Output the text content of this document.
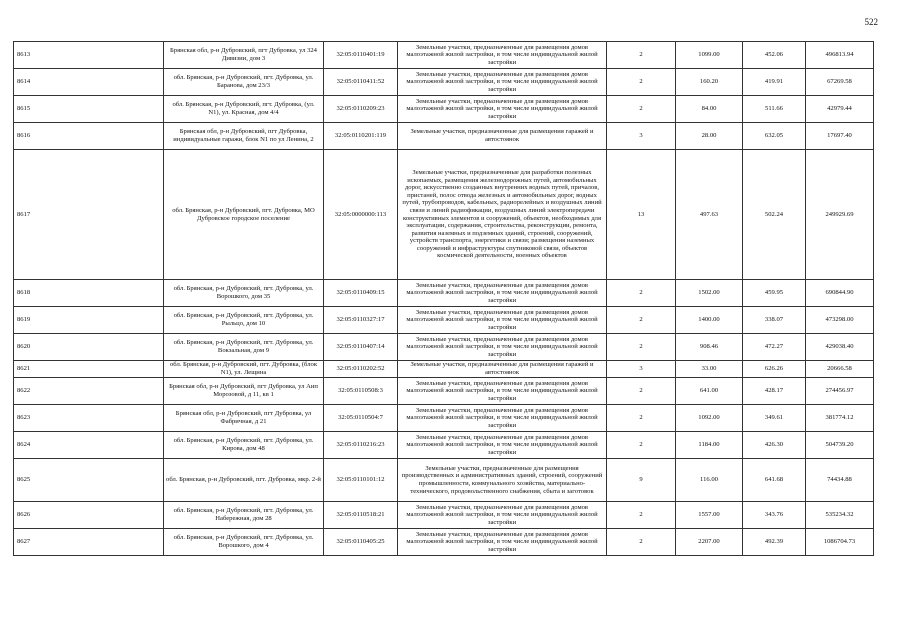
522
8613	Брянская обл, р-н Дубровский, пгт Дубровка, ул 324 Дивизии, дом 3	32:05:0110401:19	Земельные участки, предназначенные для размещения домов малоэтажной жилой застройки, в том числе индивидуальной жилой застройки	2	1099.00	452.06	496813.94
8614	обл. Брянская, р-н Дубровский, пгт. Дубровка, ул. Баранова, дом 23/3	32:05:0110411:52	Земельные участки, предназначенные для размещения домов малоэтажной жилой застройки, в том числе индивидуальной жилой застройки	2	160.20	419.91	67269.58
8615	обл. Брянская, р-н Дубровский, пгт. Дубровка, (ул. N1), ул. Красная, дом 4/4	32:05:0110209:23	Земельные участки, предназначенные для размещения домов малоэтажной жилой застройки, в том числе индивидуальной жилой застройки	2	84.00	511.66	42979.44
8616	Брянская обл, р-н Дубровский, пгт Дубровка, индивидуальные гаражи, блок N1 по ул Ленина, 2	32:05:0110201:119	Земельные участки, предназначенные для размещения гаражей и автостоянок	3	28.00	632.05	17697.40
8617	обл. Брянская, р-н Дубровский, пгт. Дубровка, МО Дубровское городское поселение	32:05:0000000:113	Земельные участки, предназначенные для разработки полезных ископаемых, размещения железнодорожных путей, автомобильных дорог, искусственно созданных внутренних водных путей, причалов, пристаней, полос отвода железных и автомобильных дорог, водных путей, трубопроводов, кабельных, радиорелейных и воздушных линий связи и линий радиофикации, воздушных линий электропередачи конструктивных элементов и сооружений, объектов, необходимых для эксплуатации, содержания, строительства, реконструкции, ремонта, развития наземных и подземных зданий, строений, сооружений, устройств транспорта, энергетики и связи; размещения наземных сооружений и инфраструктуры спутниковой связи, объектов космической деятельности, военных объектов	13	497.63	502.24	249929.69
8618	обл. Брянская, р-н Дубровский, пгт. Дубровка, ул. Ворошкого, дом 35	32:05:0110409:15	Земельные участки, предназначенные для размещения домов малоэтажной жилой застройки, в том числе индивидуальной жилой застройки	2	1502.00	459.95	690844.90
8619	обл. Брянская, р-н Дубровский, пгт. Дубровка, ул. Рыльцо, дом 10	32:05:0110327:17	Земельные участки, предназначенные для размещения домов малоэтажной жилой застройки, в том числе индивидуальной жилой застройки	2	1400.00	338.07	473298.00
8620	обл. Брянская, р-н Дубровский, пгт. Дубровка, ул. Вокзальная, дом 9	32:05:0110407:14	Земельные участки, предназначенные для размещения домов малоэтажной жилой застройки, в том числе индивидуальной жилой застройки	2	908.46	472.27	429038.40
8621	обл. Брянская, р-н Дубровский, пгт. Дубровка, (блок N1), ул. Лещина	32:05:0110202:52	Земельные участки, предназначенные для размещения гаражей и автостоянок	3	33.00	626.26	20666.58
8622	Брянская обл, р-н Дубровский, пгт Дубровка, ул Аип Морозовой, д 11, кв 1	32:05:0110508:3	Земельные участки, предназначенные для размещения домов малоэтажной жилой застройки, в том числе индивидуальной жилой застройки	2	641.00	428.17	274456.97
8623	Брянская обл, р-н Дубровский, пгт Дубровка, ул Фабричная, д 21	32:05:0110504:7	Земельные участки, предназначенные для размещения домов малоэтажной жилой застройки, в том числе индивидуальной жилой застройки	2	1092.00	349.61	381774.12
8624	обл. Брянская, р-н Дубровский, пгт. Дубровка, ул. Кирова, дом 48	32:05:0110216:23	Земельные участки, предназначенные для размещения домов малоэтажной жилой застройки, в том числе индивидуальной жилой застройки	2	1184.00	426.30	504739.20
8625	обл. Брянская, р-н Дубровский, пгт. Дубровка, мкр. 2-й	32:05:0110101:12	Земельные участки, предназначенные для размещения производственных и административных зданий, строений, сооружений промышленности, коммунального хозяйства, материально-технического, продовольственного снабжения, сбыта и заготовок	9	116.00	641.68	74434.88
8626	обл. Брянская, р-н Дубровский, пгт. Дубровка, ул. Набережная, дом 28	32:05:0110518:21	Земельные участки, предназначенные для размещения домов малоэтажной жилой застройки, в том числе индивидуальной жилой застройки	2	1557.00	343.76	535234.32
8627	обл. Брянская, р-н Дубровский, пгт. Дубровка, ул. Ворошкого, дом 4	32:05:0110405:25	Земельные участки, предназначенные для размещения домов малоэтажной жилой застройки, в том числе индивидуальной жилой застройки	2	2207.00	492.39	1086704.73
